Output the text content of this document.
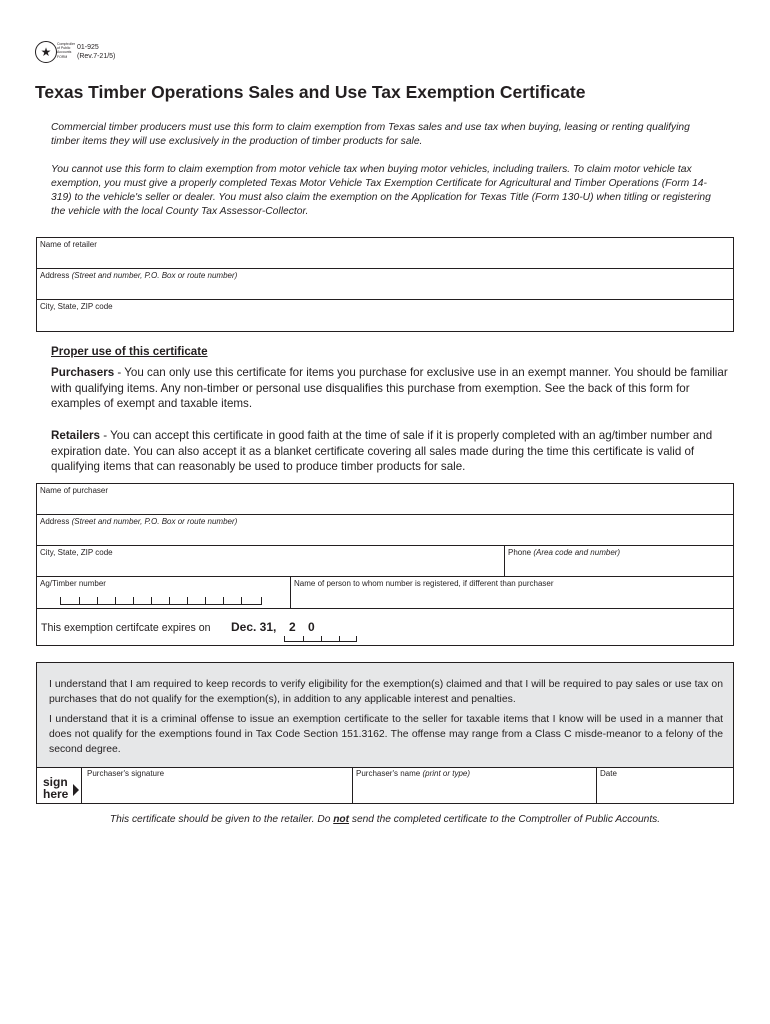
★
Comptroller of Public Accounts FORM
01-925
(Rev.7-21/5)
Texas Timber Operations Sales and Use Tax Exemption Certificate
Commercial timber producers must use this form to claim exemption from Texas sales and use tax when buying, leasing or renting qualifying timber items they will use exclusively in the production of timber products for sale.
You cannot use this form to claim exemption from motor vehicle tax when buying motor vehicles, including trailers. To claim motor vehicle tax exemption, you must give a properly completed Texas Motor Vehicle Tax Exemption Certificate for Agricultural and Timber Operations (Form 14-319) to the vehicle's seller or dealer. You must also claim the exemption on the Application for Texas Title (Form 130-U) when titling or registering the vehicle with the local County Tax Assessor-Collector.
Name of retailer
Address (Street and number, P.O. Box or route number)
City, State, ZIP code
Proper use of this certificate
Purchasers - You can only use this certificate for items you purchase for exclusive use in an exempt manner. You should be familiar with qualifying items. Any non-timber or personal use disqualifies this purchase from exemption. See the back of this form for examples of exempt and taxable items.
Retailers - You can accept this certificate in good faith at the time of sale if it is properly completed with an ag/timber number and expiration date. You can also accept it as a blanket certificate covering all sales made during the time this certificate is valid of qualifying items that can reasonably be used to produce timber products for sale.
Name of purchaser
Address (Street and number, P.O. Box or route number)
City, State, ZIP code	Phone (Area code and number)
Ag/Timber number	Name of person to whom number is registered, if different than purchaser
This exemption certifcate expires on Dec. 31, 2 0

I understand that I am required to keep records to verify eligibility for the exemption(s) claimed and that I will be required to pay sales or use tax on purchases that do not qualify for the exemption(s), in addition to any applicable interest and penalties.

I understand that it is a criminal offense to issue an exemption certificate to the seller for taxable items that I know will be used in a manner that does not qualify for the exemptions found in Tax Code Section 151.3162. The offense may range from a Class C misde-meanor to a felony of the second degree.

sign
here
Purchaser's signature	Purchaser's name (print or type)	Date
This certificate should be given to the retailer. Do not send the completed certificate to the Comptroller of Public Accounts.
